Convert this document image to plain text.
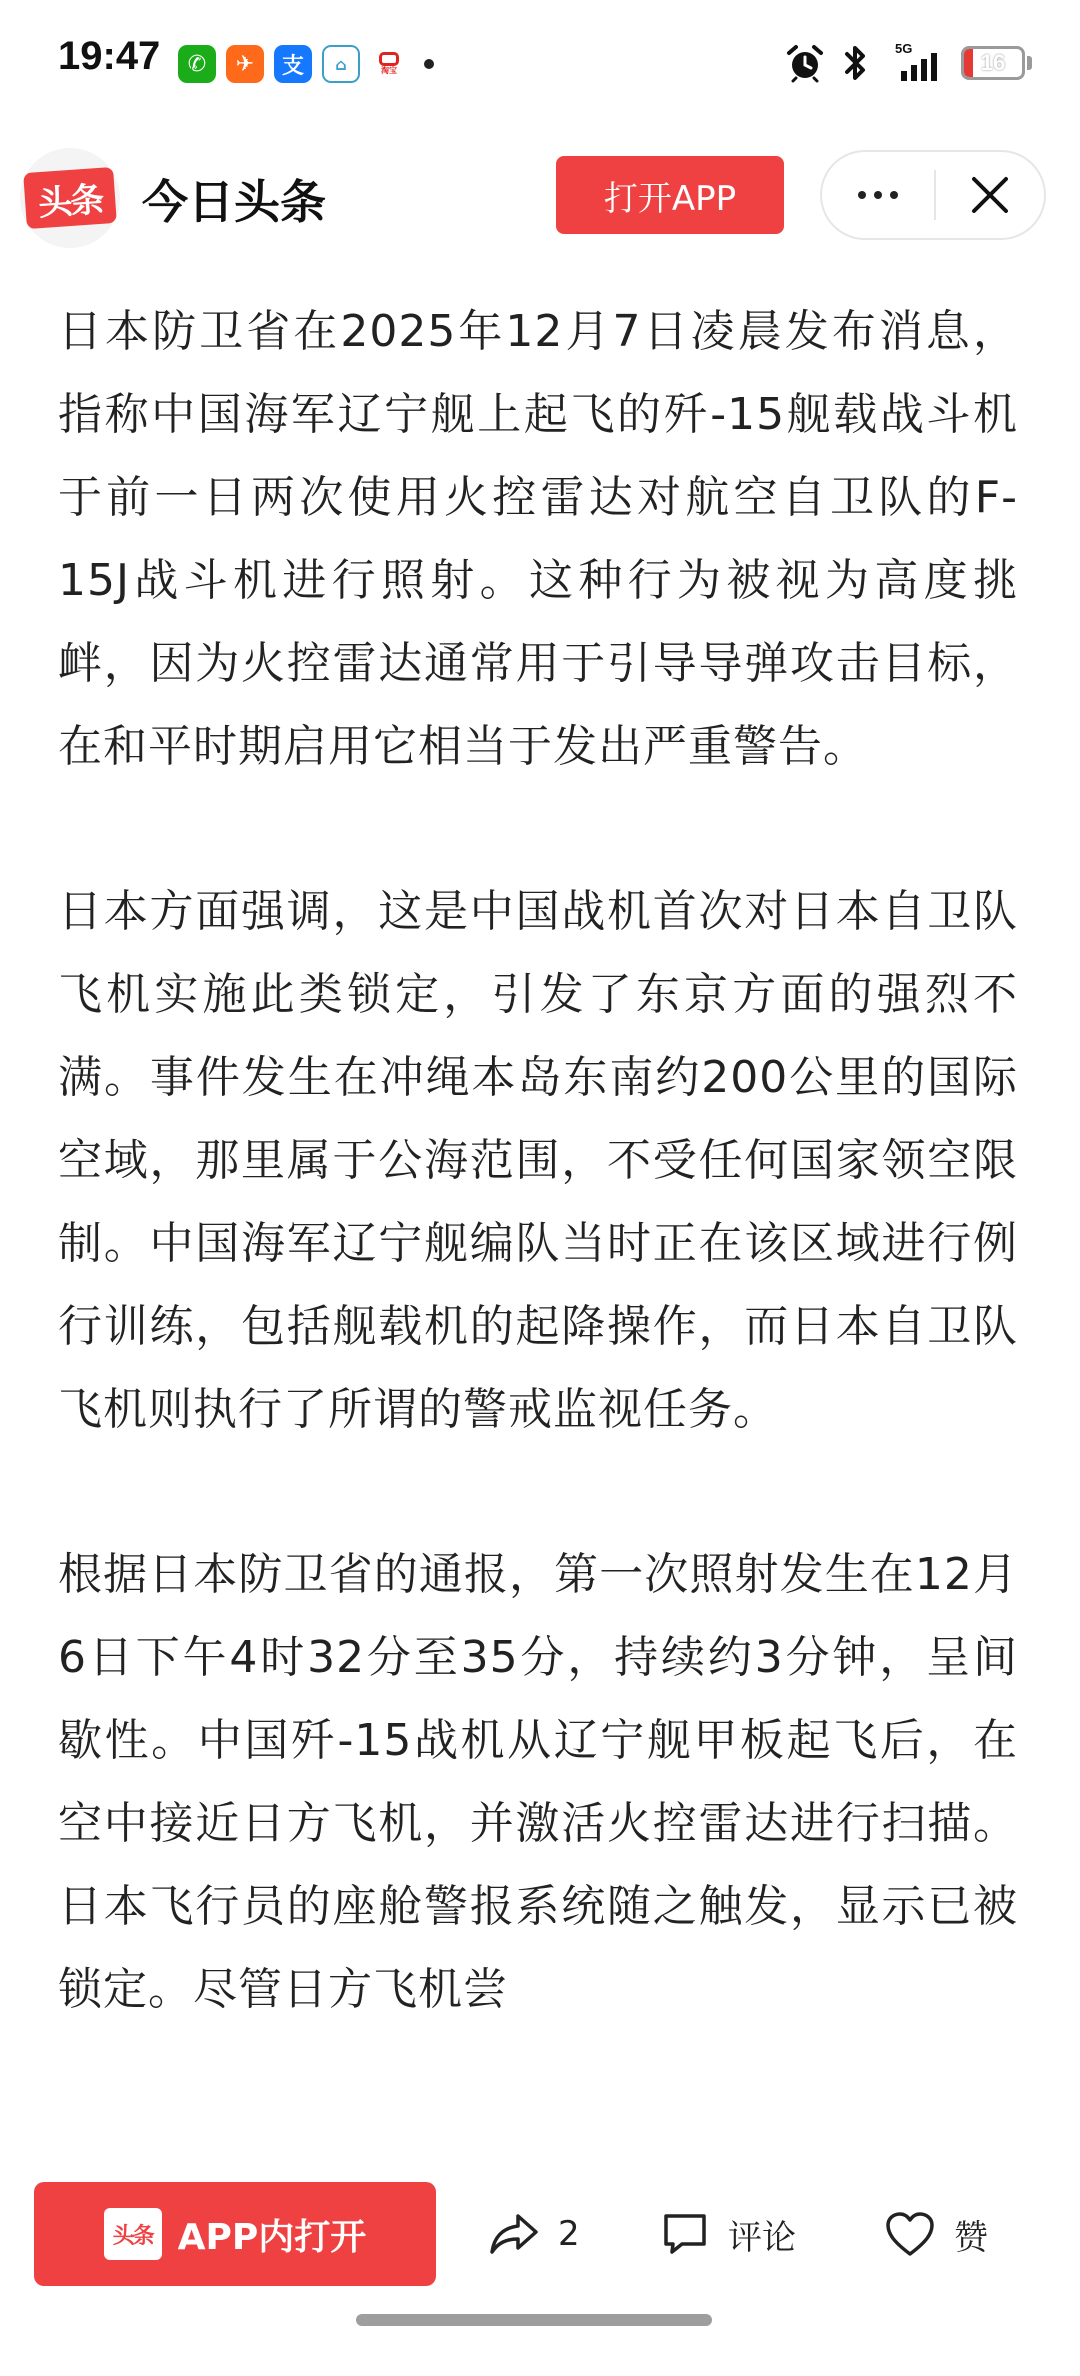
19:47	✆	✈	支	⌂	淘宝
5G
16
头条 今日头条	打开APP

日本防卫省在2025年12月7日凌晨发布消息，指称中国海军辽宁舰上起飞的歼-15舰载战斗机于前一日两次使用火控雷达对航空自卫队的F-15J战斗机进行照射。这种行为被视为高度挑衅，因为火控雷达通常用于引导导弹攻击目标，在和平时期启用它相当于发出严重警告。

日本方面强调，这是中国战机首次对日本自卫队飞机实施此类锁定，引发了东京方面的强烈不满。事件发生在冲绳本岛东南约200公里的国际空域，那里属于公海范围，不受任何国家领空限制。中国海军辽宁舰编队当时正在该区域进行例行训练，包括舰载机的起降操作，而日本自卫队飞机则执行了所谓的警戒监视任务。

根据日本防卫省的通报，第一次照射发生在12月6日下午4时32分至35分，持续约3分钟，呈间歇性。中国歼-15战机从辽宁舰甲板起飞后，在空中接近日方飞机，并激活火控雷达进行扫描。日本飞行员的座舱警报系统随之触发，显示已被锁定。尽管日方飞机尝

头条 APP内打开	2	评论	赞
